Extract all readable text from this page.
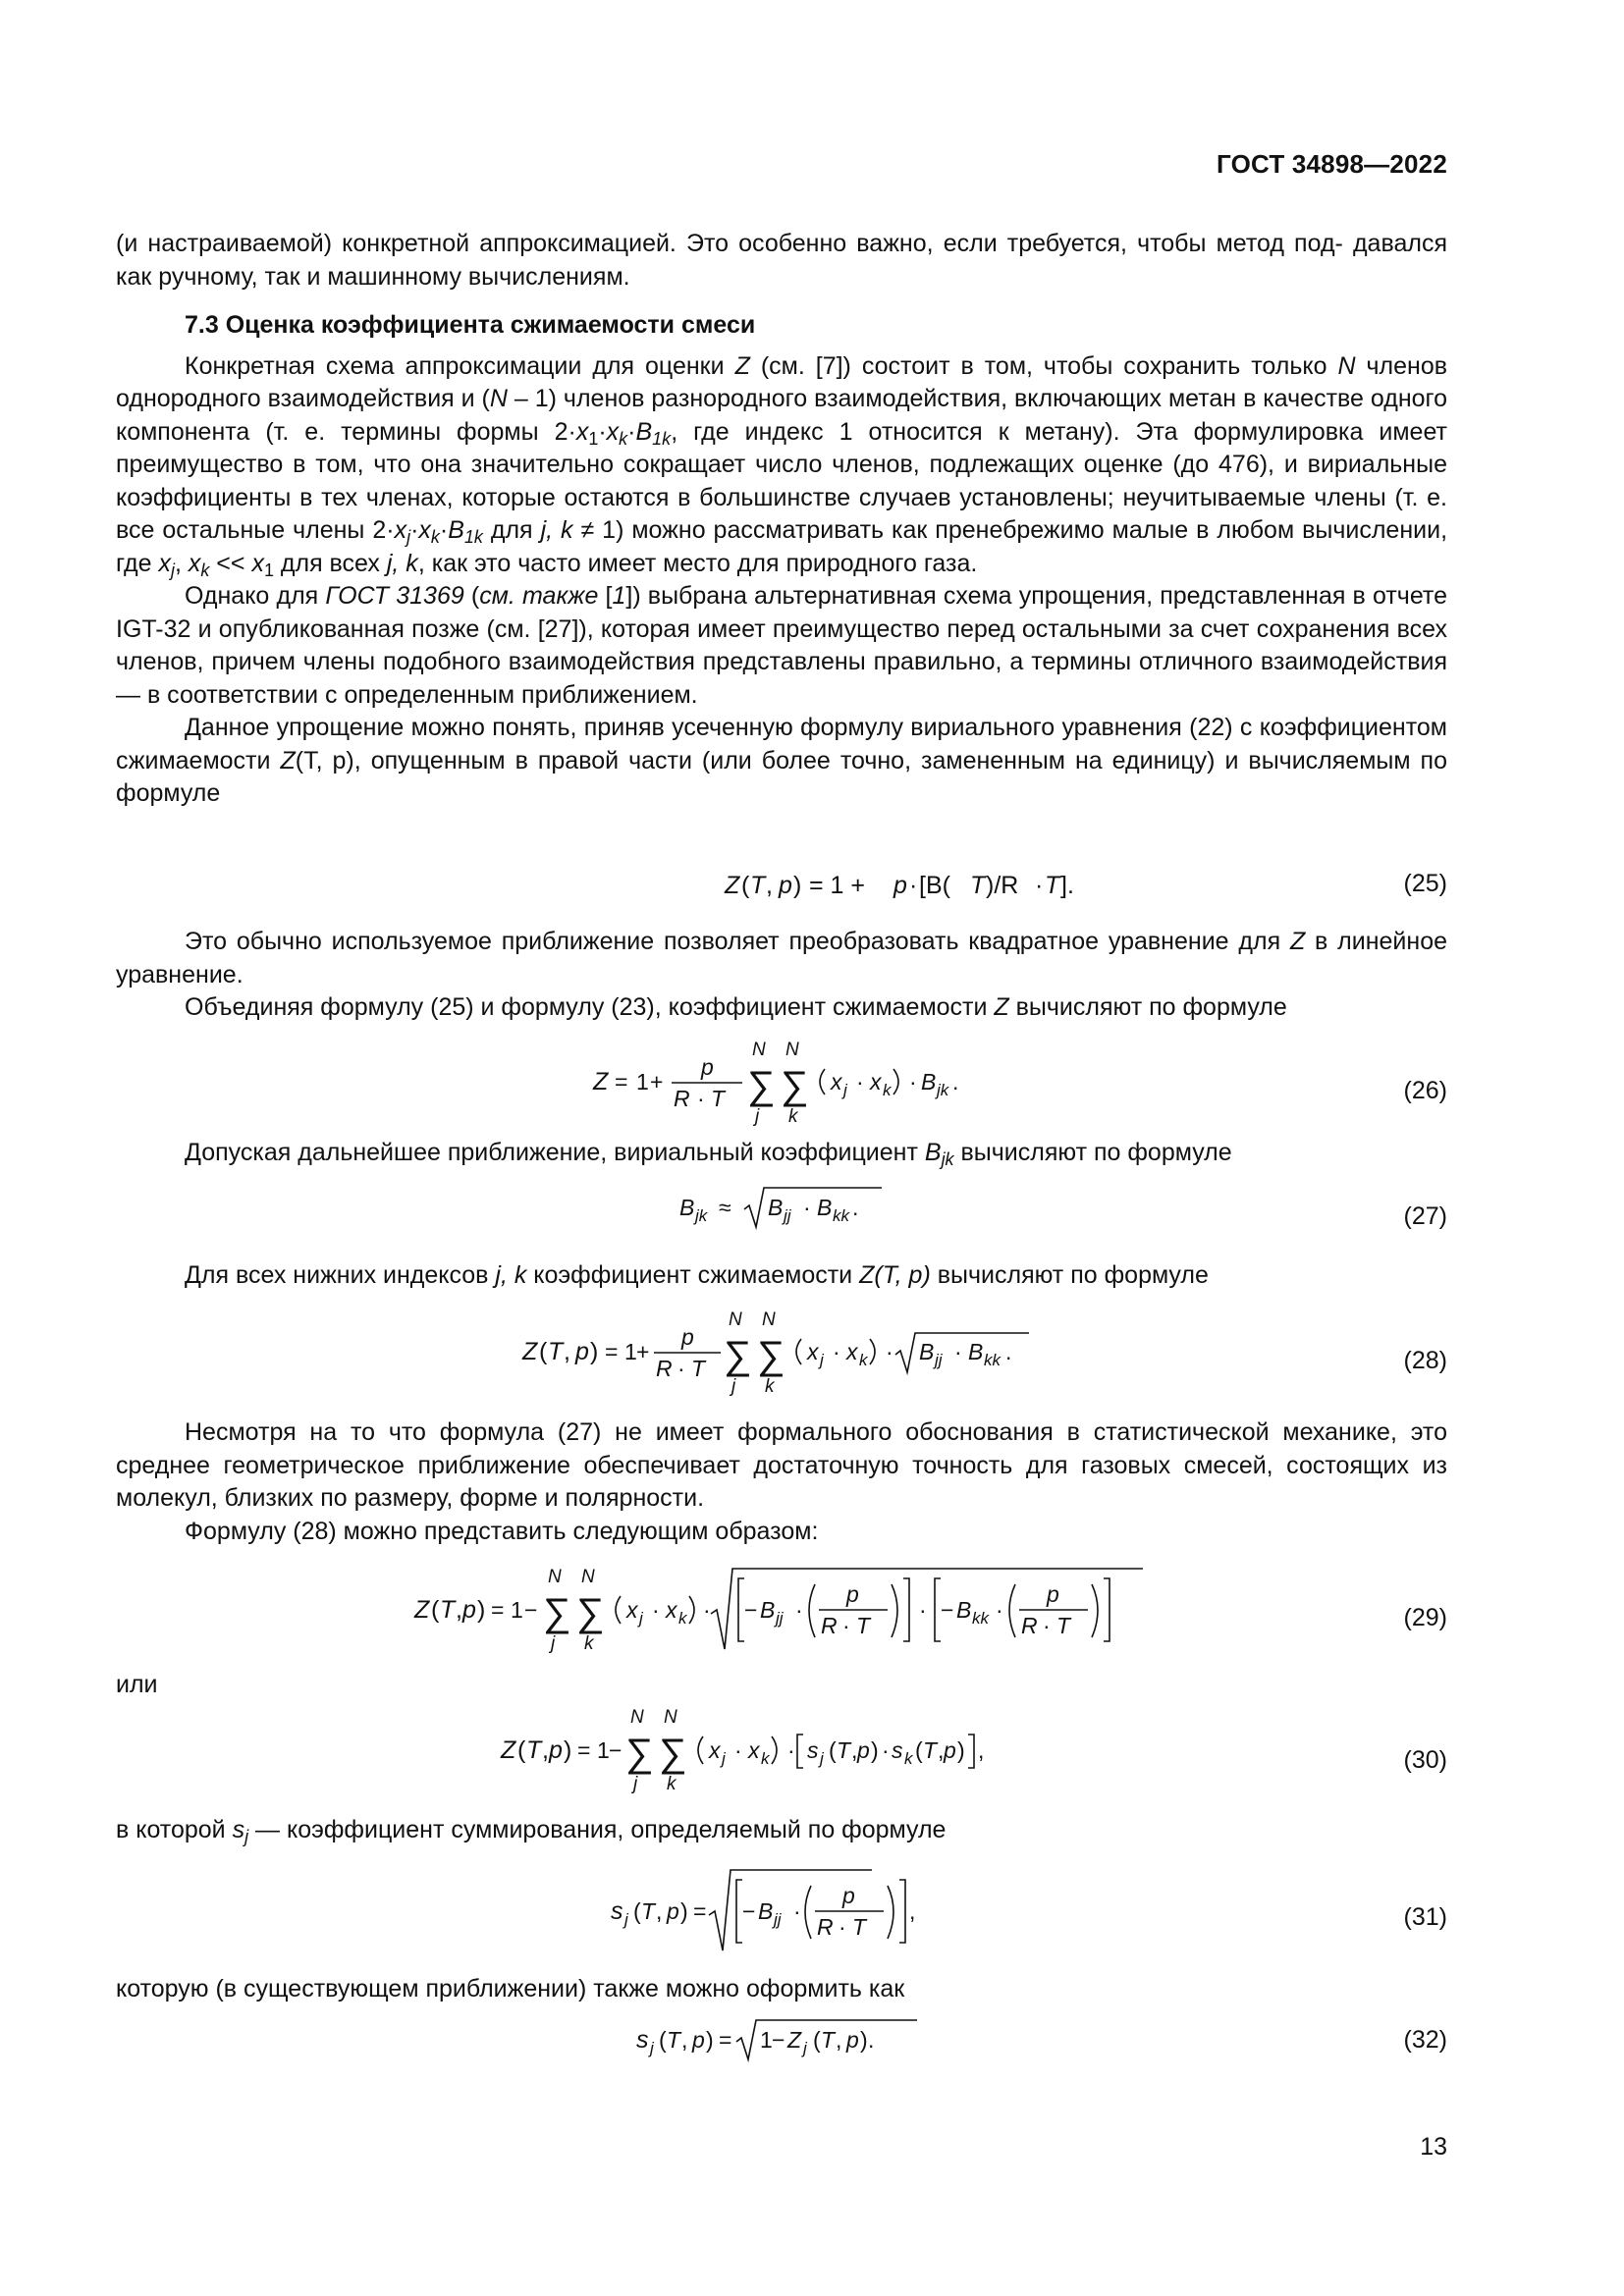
ГОСТ 34898—2022

(и настраиваемой) конкретной аппроксимацией. Это особенно важно, если требуется, чтобы метод под- давался как ручному, так и машинному вычислениям.

7.3 Оценка коэффициента сжимаемости смеси

Конкретная схема аппроксимации для оценки Z (см. [7]) состоит в том, чтобы сохранить только N членов однородного взаимодействия и (N – 1) членов разнородного взаимодействия, включающих метан в качестве одного компонента (т. е. термины формы $2\cdot x_1\cdot x_k\cdot B_{1k}$, где индекс 1 относится к метану). Эта формулировка имеет преимущество в том, что она значительно сокращает число членов, подлежащих оценке (до 476), и вириальные коэффициенты в тех членах, которые остаются в большинстве случаев установлены; неучитываемые члены (т. е. все остальные члены $2\cdot x_j\cdot x_k\cdot B_{1k}$ для j, k ≠ 1) можно рассматривать как пренебрежимо малые в любом вычислении, где $x_j$, $x_k << x_1$ для всех j, k, как это часто имеет место для природного газа.

Однако для ГОСТ 31369 (см. также [1]) выбрана альтернативная схема упрощения, представленная в отчете IGT-32 и опубликованная позже (см. [27]), которая имеет преимущество перед остальными за счет сохранения всех членов, причем члены подобного взаимодействия представлены правильно, а термины отличного взаимодействия — в соответствии с определенным приближением.

Данное упрощение можно понять, приняв усеченную формулу вириального уравнения (22) с коэффициентом сжимаемости Z(T, p), опущенным в правой части (или более точно, замененным на единицу) и вычисляемым по формуле

Z ( T , p ) = 1 + p · [B( T )/R · T ].	(25)

Это обычно используемое приближение позволяет преобразовать квадратное уравнение для Z в линейное уравнение.

Объединяя формулу (25) и формулу (23), коэффициент сжимаемости Z вычисляют по формуле

Z = 1 +
p
R · T
N
∑
j
N
∑
k
x j · x k · B jk .	(26)

Допуская дальнейшее приближение, вириальный коэффициент $B_{jk}$ вычисляют по формуле

B jk ≈ B jj · B kk .	(27)

Для всех нижних индексов j, k коэффициент сжимаемости Z(T, p) вычисляют по формуле

Z ( T , p ) = 1 +
p
R · T
N
∑
j
N
∑
k
x j · x k · B jj · B kk .	(28)

Несмотря на то что формула (27) не имеет формального обоснования в статистической механике, это среднее геометрическое приближение обеспечивает достаточную точность для газовых смесей, состоящих из молекул, близких по размеру, форме и полярности.

Формулу (28) можно представить следующим образом:

Z ( T , p ) = 1 −
N
∑
j
N
∑
k
x j · x k · − B jj ·
p
R · T
· − B kk ·
p
R · T	(29)

или

Z ( T , p ) = 1 −
N
∑
j
N
∑
k
x j · x k · s j ( T , p ) · s k ( T , p ) ,	(30)

в которой $s_j$ — коэффициент суммирования, определяемый по формуле

s j ( T , p ) = − B jj ·
p
R · T
,	(31)

которую (в существующем приближении) также можно оформить как

s j ( T , p ) = 1 − Z j ( T , p ) .	(32)
13
